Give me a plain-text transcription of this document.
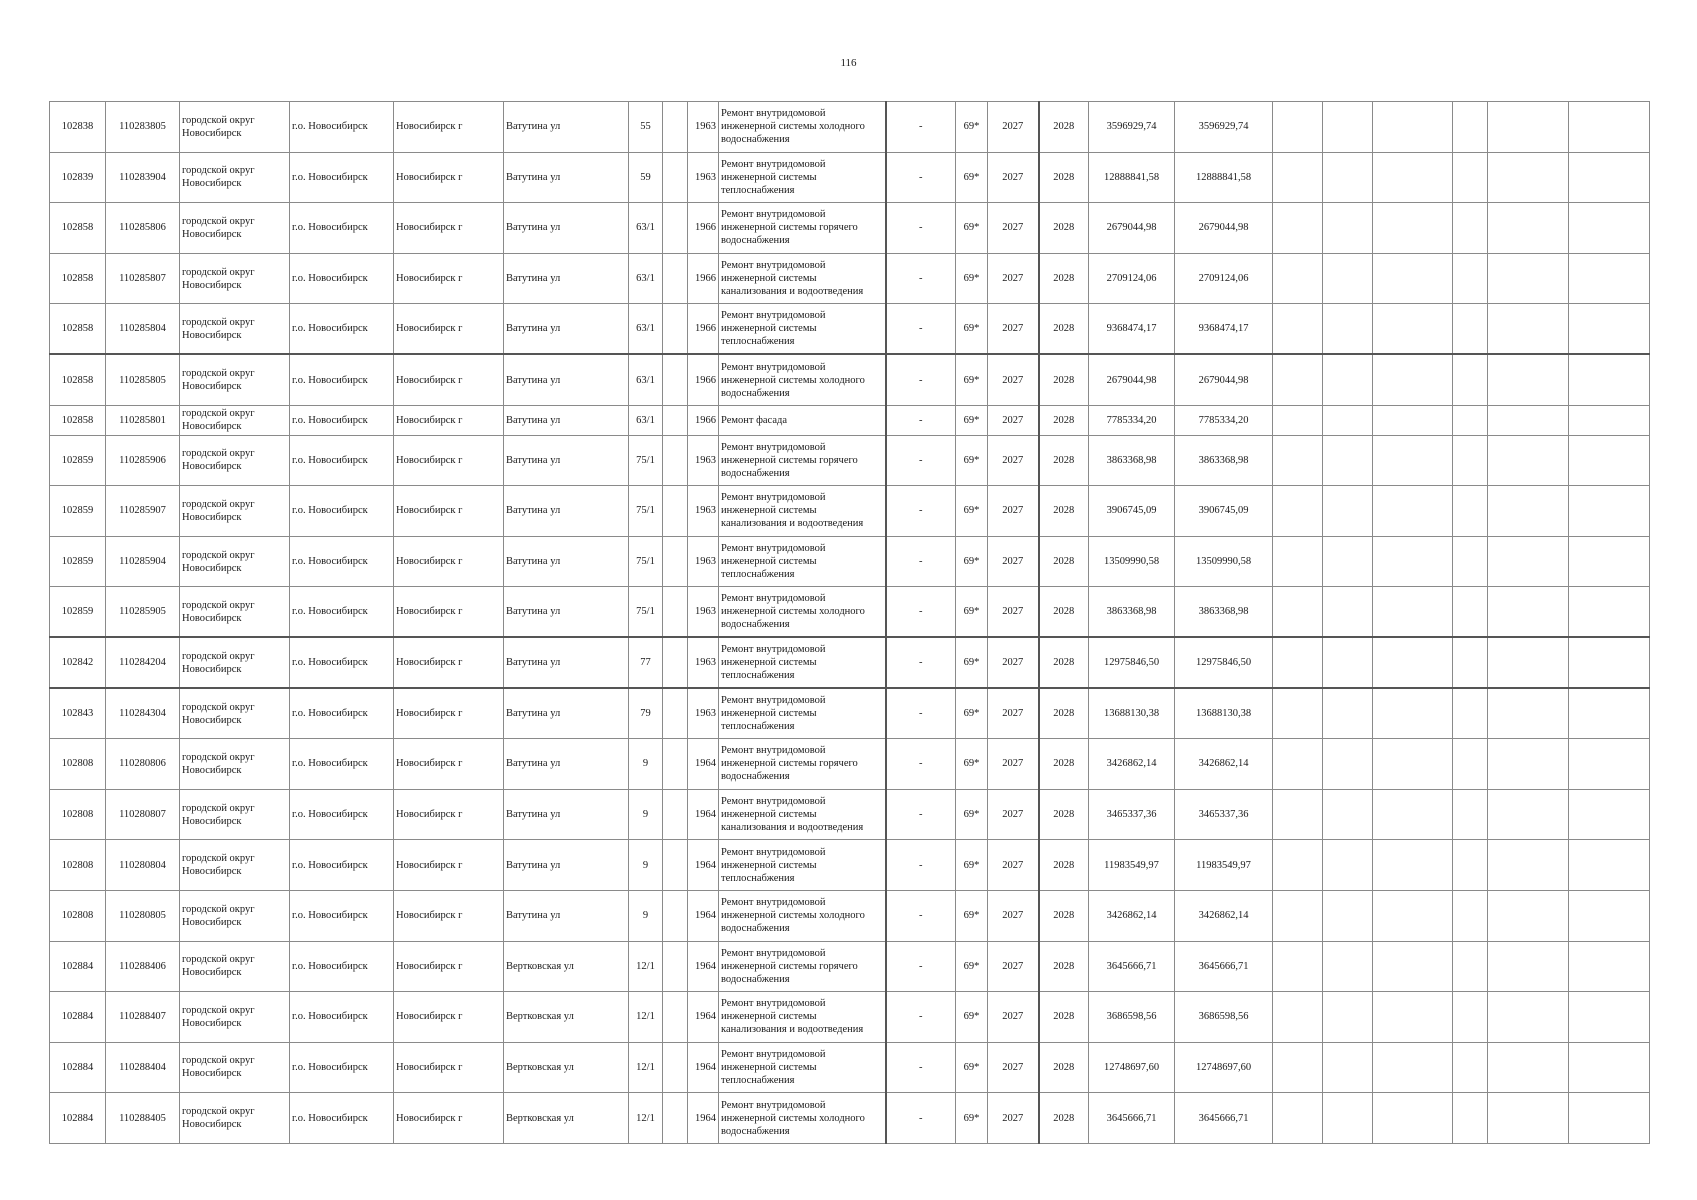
116
102838	110283805	городской округ Новосибирск	г.о. Новосибирск	Новосибирск г	Ватутина ул	55		1963	Ремонт внутридомовой инженерной системы холодного водоснабжения	-	69*	2027	2028	3596929,74	3596929,74						
102839	110283904	городской округ Новосибирск	г.о. Новосибирск	Новосибирск г	Ватутина ул	59		1963	Ремонт внутридомовой инженерной системы теплоснабжения	-	69*	2027	2028	12888841,58	12888841,58						
102858	110285806	городской округ Новосибирск	г.о. Новосибирск	Новосибирск г	Ватутина ул	63/1		1966	Ремонт внутридомовой инженерной системы горячего водоснабжения	-	69*	2027	2028	2679044,98	2679044,98						
102858	110285807	городской округ Новосибирск	г.о. Новосибирск	Новосибирск г	Ватутина ул	63/1		1966	Ремонт внутридомовой инженерной системы канализования и водоотведения	-	69*	2027	2028	2709124,06	2709124,06						
102858	110285804	городской округ Новосибирск	г.о. Новосибирск	Новосибирск г	Ватутина ул	63/1		1966	Ремонт внутридомовой инженерной системы теплоснабжения	-	69*	2027	2028	9368474,17	9368474,17						
102858	110285805	городской округ Новосибирск	г.о. Новосибирск	Новосибирск г	Ватутина ул	63/1		1966	Ремонт внутридомовой инженерной системы холодного водоснабжения	-	69*	2027	2028	2679044,98	2679044,98						
102858	110285801	городской округ Новосибирск	г.о. Новосибирск	Новосибирск г	Ватутина ул	63/1		1966	Ремонт фасада	-	69*	2027	2028	7785334,20	7785334,20						
102859	110285906	городской округ Новосибирск	г.о. Новосибирск	Новосибирск г	Ватутина ул	75/1		1963	Ремонт внутридомовой инженерной системы горячего водоснабжения	-	69*	2027	2028	3863368,98	3863368,98						
102859	110285907	городской округ Новосибирск	г.о. Новосибирск	Новосибирск г	Ватутина ул	75/1		1963	Ремонт внутридомовой инженерной системы канализования и водоотведения	-	69*	2027	2028	3906745,09	3906745,09						
102859	110285904	городской округ Новосибирск	г.о. Новосибирск	Новосибирск г	Ватутина ул	75/1		1963	Ремонт внутридомовой инженерной системы теплоснабжения	-	69*	2027	2028	13509990,58	13509990,58						
102859	110285905	городской округ Новосибирск	г.о. Новосибирск	Новосибирск г	Ватутина ул	75/1		1963	Ремонт внутридомовой инженерной системы холодного водоснабжения	-	69*	2027	2028	3863368,98	3863368,98						
102842	110284204	городской округ Новосибирск	г.о. Новосибирск	Новосибирск г	Ватутина ул	77		1963	Ремонт внутридомовой инженерной системы теплоснабжения	-	69*	2027	2028	12975846,50	12975846,50						
102843	110284304	городской округ Новосибирск	г.о. Новосибирск	Новосибирск г	Ватутина ул	79		1963	Ремонт внутридомовой инженерной системы теплоснабжения	-	69*	2027	2028	13688130,38	13688130,38						
102808	110280806	городской округ Новосибирск	г.о. Новосибирск	Новосибирск г	Ватутина ул	9		1964	Ремонт внутридомовой инженерной системы горячего водоснабжения	-	69*	2027	2028	3426862,14	3426862,14						
102808	110280807	городской округ Новосибирск	г.о. Новосибирск	Новосибирск г	Ватутина ул	9		1964	Ремонт внутридомовой инженерной системы канализования и водоотведения	-	69*	2027	2028	3465337,36	3465337,36						
102808	110280804	городской округ Новосибирск	г.о. Новосибирск	Новосибирск г	Ватутина ул	9		1964	Ремонт внутридомовой инженерной системы теплоснабжения	-	69*	2027	2028	11983549,97	11983549,97						
102808	110280805	городской округ Новосибирск	г.о. Новосибирск	Новосибирск г	Ватутина ул	9		1964	Ремонт внутридомовой инженерной системы холодного водоснабжения	-	69*	2027	2028	3426862,14	3426862,14						
102884	110288406	городской округ Новосибирск	г.о. Новосибирск	Новосибирск г	Вертковская ул	12/1		1964	Ремонт внутридомовой инженерной системы горячего водоснабжения	-	69*	2027	2028	3645666,71	3645666,71						
102884	110288407	городской округ Новосибирск	г.о. Новосибирск	Новосибирск г	Вертковская ул	12/1		1964	Ремонт внутридомовой инженерной системы канализования и водоотведения	-	69*	2027	2028	3686598,56	3686598,56						
102884	110288404	городской округ Новосибирск	г.о. Новосибирск	Новосибирск г	Вертковская ул	12/1		1964	Ремонт внутридомовой инженерной системы теплоснабжения	-	69*	2027	2028	12748697,60	12748697,60						
102884	110288405	городской округ Новосибирск	г.о. Новосибирск	Новосибирск г	Вертковская ул	12/1		1964	Ремонт внутридомовой инженерной системы холодного водоснабжения	-	69*	2027	2028	3645666,71	3645666,71						
